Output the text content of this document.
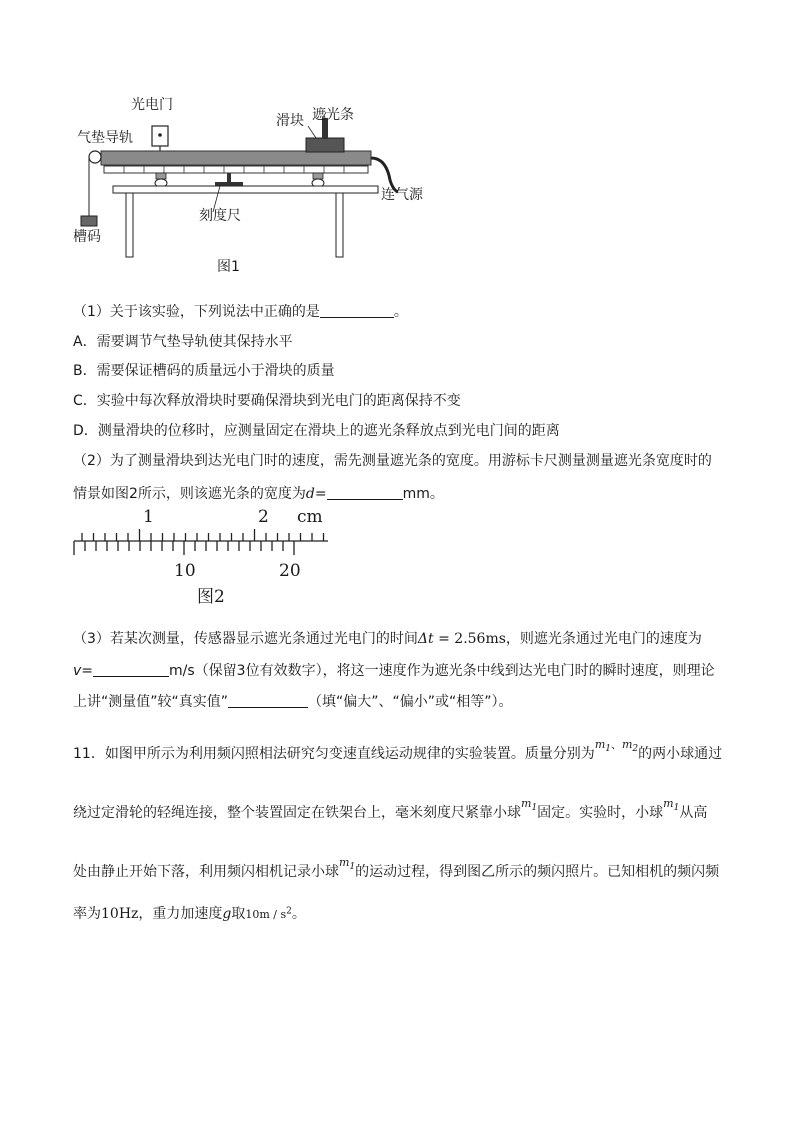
光电门
滑块 遮光条
气垫导轨
连气源
刻度尺
槽码
图1
（1）关于该实验，下列说法中正确的是	。
A．需要调节气垫导轨使其保持水平
B．需要保证槽码的质量远小于滑块的质量
C．实验中每次释放滑块时要确保滑块到光电门的距离保持不变
D．测量滑块的位移时，应测量固定在滑块上的遮光条释放点到光电门间的距离
（2）为了测量滑块到达光电门时的速度，需先测量遮光条的宽度。用游标卡尺测量测量遮光条宽度时的
情景如图2所示，则该遮光条的宽度为d=	mm。
1	2 cm
10	20
图2
（3）若某次测量，传感器显示遮光条通过光电门的时间Δt = 2.56ms，则遮光条通过光电门的速度为
v=	m/s（保留3位有效数字），将这一速度作为遮光条中线到达光电门时的瞬时速度，则理论
上讲“测量值”较“真实值”	（填“偏大”、“偏小”或“相等”）。
11．如图甲所示为利用频闪照相法研究匀变速直线运动规律的实验装置。质量分别为$^{m_1、m_2}$的两小球通过
绕过定滑轮的轻绳连接，整个装置固定在铁架台上，毫米刻度尺紧靠小球$^{m_1}$固定。实验时，小球$^{m_1}$从高
处由静止开始下落，利用频闪相机记录小球$^{m_1}$的运动过程，得到图乙所示的频闪照片。已知相机的频闪频
率为10Hz，重力加速度g取$10m / s^2$。
